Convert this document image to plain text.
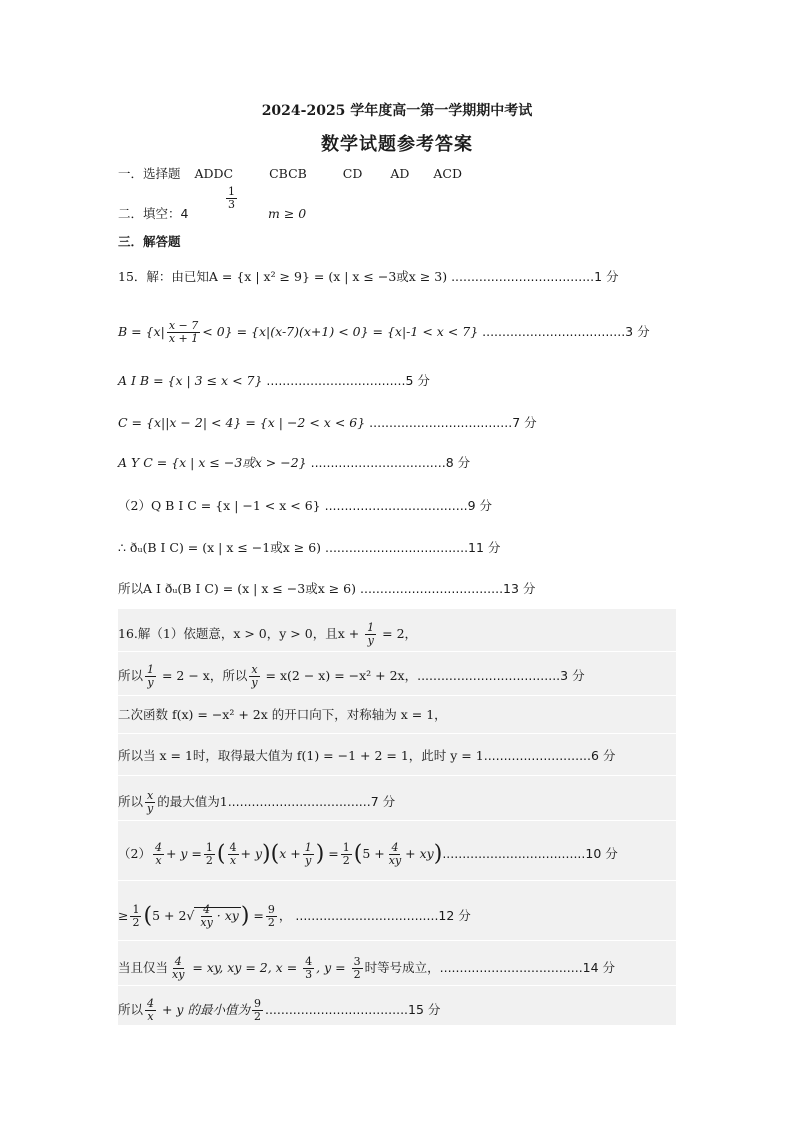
2024-2025 学年度高一第一学期期中考试
数学试题参考答案
一．选择题 ADDC	CBCB	CD AD ACD
二．填空：4
$\frac{1}{3}$
m ≥ 0
三．解答题
15．解：由已知A = {x | x² ≥ 9} = (x | x ≤ −3或x ≥ 3) ....................................1 分
$B = \{x| \frac{x - 7}{x + 1} < 0\} = \{x|(x-7)(x+1) < 0\} = \{x|-1 < x < 7\}$ ....................................3 分
A I B = {x | 3 ≤ x < 7} ...................................5 分
C = {x||x − 2| < 4} = {x | −2 < x < 6} ....................................7 分
A Y C = {x | x ≤ −3或x > −2} ..................................8 分
（2）Q B I C = {x | −1 < x < 6} ....................................9 分
∴ ðᵤ(B I C) = (x | x ≤ −1或x ≥ 6) ....................................11 分
所以A I ðᵤ(B I C) = (x | x ≤ −3或x ≥ 6) ....................................13 分
16.解（1）依题意，x > 0，y > 0，且$x + \frac{1}{y} = 2$，
所以 $\frac{1}{y} = 2 - x$，所以 $\frac{x}{y} = x(2 - x) = -x^2 + 2x$，....................................3 分
二次函数 f(x) = −x² + 2x 的开口向下，对称轴为 x = 1，
所以当 x = 1时，取得最大值为 f(1) = −1 + 2 = 1，此时 y = 1...........................6 分
所以 $\frac{x}{y}$ 的最大值为1....................................7 分
$(2) \frac{4}{x} + y = \frac{1}{2}$ ( $\frac{4}{x} + y)(x + \frac{1}{y}$ ) = $\frac{1}{2} (5 + \frac{4}{xy} + xy)....................................10$ 分
≥ $\frac{1}{2} (5 + 2√ \frac{4}{xy} \cdot xy) = \frac{9}{2}$ ， ....................................12 分
当且仅当 $\frac{4}{xy}$ = xy, xy = 2, $x = \frac{4}{3}$ , $y = \frac{3}{2}$ 时等号成立，....................................14 分
所以 $\frac{4}{x} + y$ 的最小值为 $\frac{9}{2} ....................................15$ 分
